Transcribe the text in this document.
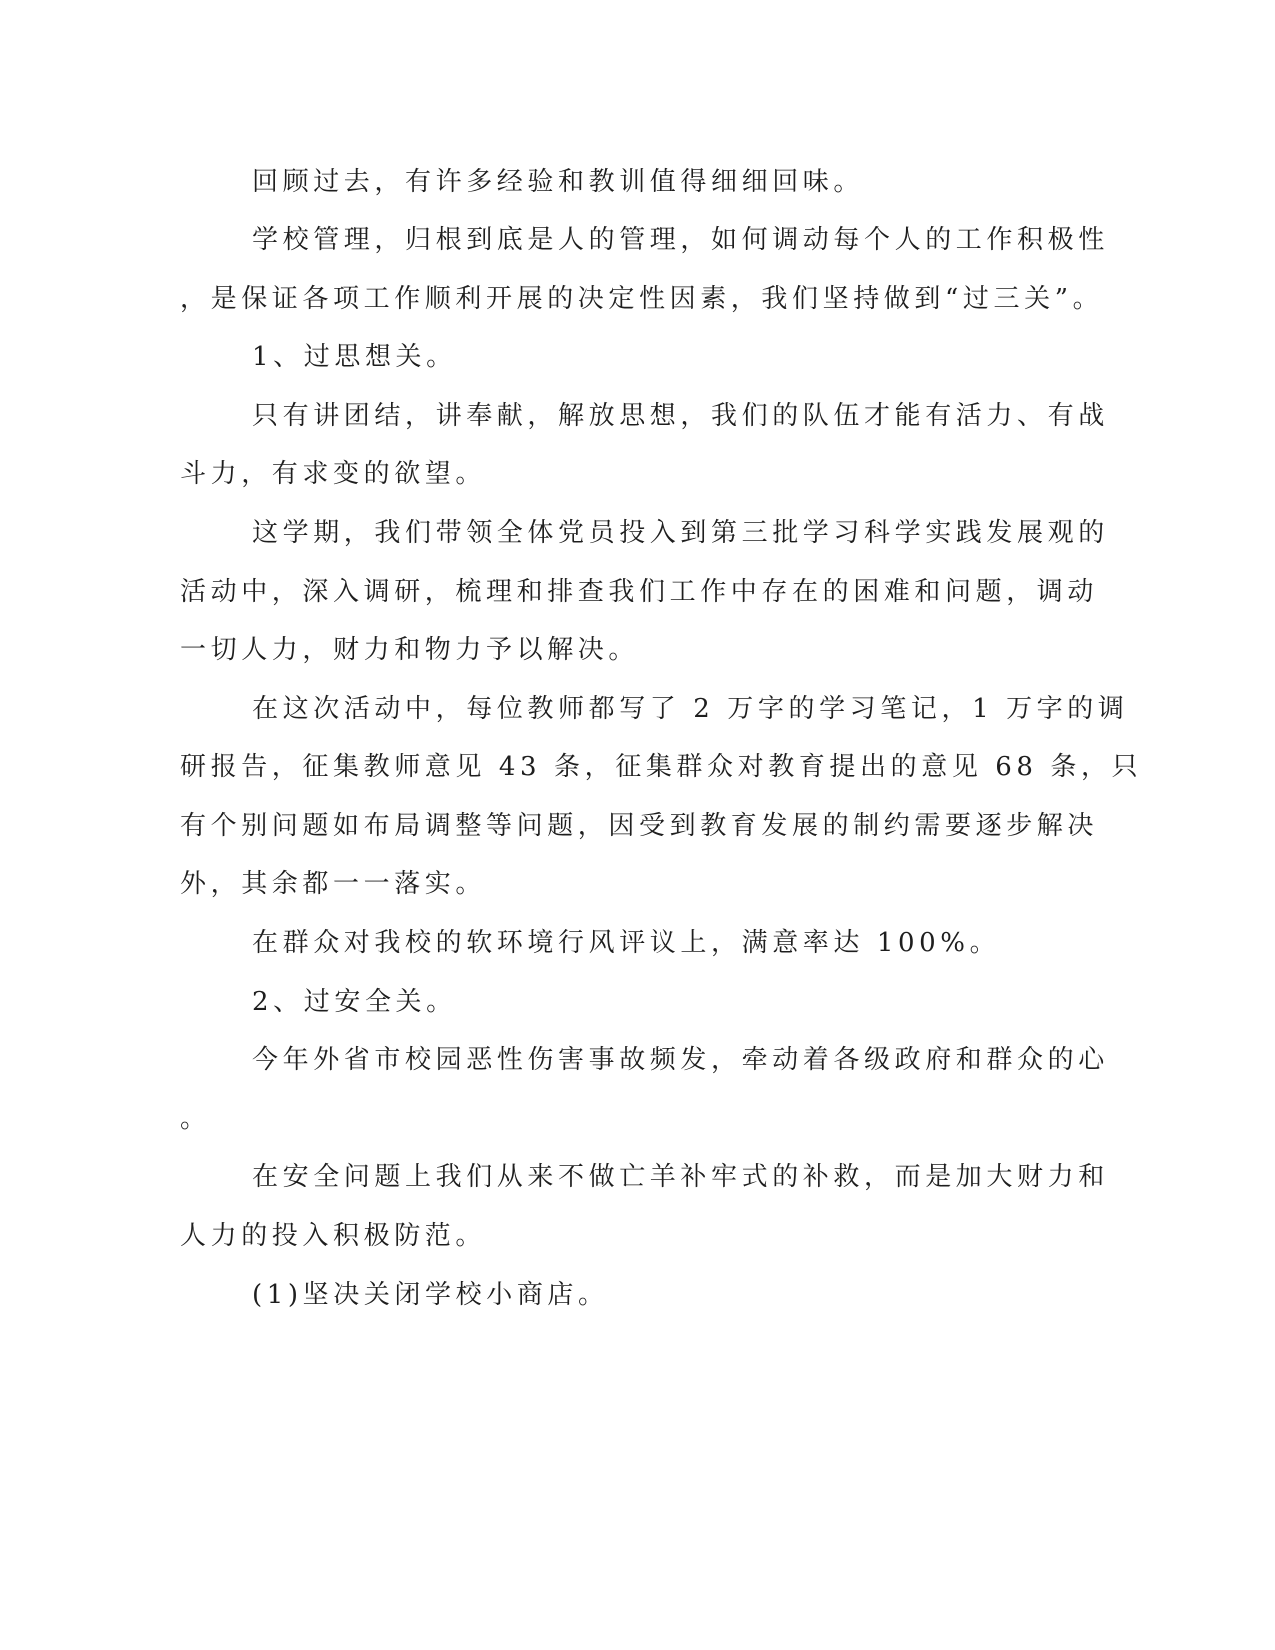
回顾过去，有许多经验和教训值得细细回味。
学校管理，归根到底是人的管理，如何调动每个人的工作积极性
，是保证各项工作顺利开展的决定性因素，我们坚持做到“过三关”。
1、过思想关。
只有讲团结，讲奉献，解放思想，我们的队伍才能有活力、有战
斗力，有求变的欲望。
这学期，我们带领全体党员投入到第三批学习科学实践发展观的
活动中，深入调研，梳理和排查我们工作中存在的困难和问题，调动
一切人力，财力和物力予以解决。
在这次活动中，每位教师都写了 2 万字的学习笔记，1 万字的调
研报告，征集教师意见 43 条，征集群众对教育提出的意见 68 条，只
有个别问题如布局调整等问题，因受到教育发展的制约需要逐步解决
外，其余都一一落实。
在群众对我校的软环境行风评议上，满意率达 100%。
2、过安全关。
今年外省市校园恶性伤害事故频发，牵动着各级政府和群众的心
。
在安全问题上我们从来不做亡羊补牢式的补救，而是加大财力和
人力的投入积极防范。
(1)坚决关闭学校小商店。
